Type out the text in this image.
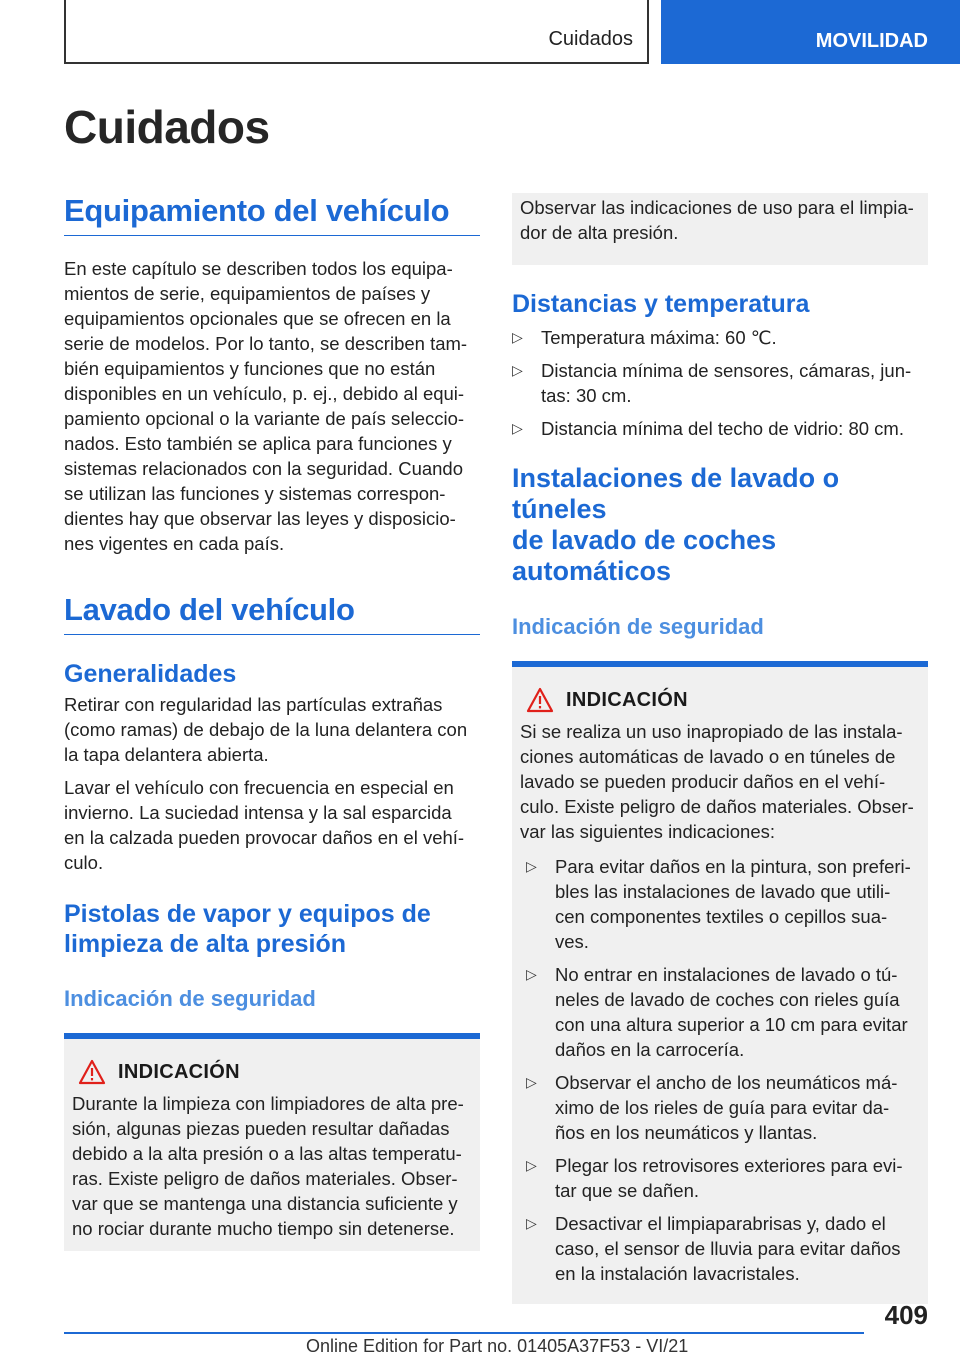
Cuidados	MOVILIDAD
Cuidados
Equipamiento del vehículo
En este capítulo se describen todos los equipa-
mientos de serie, equipamientos de países y
equipamientos opcionales que se ofrecen en la
serie de modelos. Por lo tanto, se describen tam-
bién equipamientos y funciones que no están
disponibles en un vehículo, p. ej., debido al equi-
pamiento opcional o la variante de país seleccio-
nados. Esto también se aplica para funciones y
sistemas relacionados con la seguridad. Cuando
se utilizan las funciones y sistemas correspon-
dientes hay que observar las leyes y disposicio-
nes vigentes en cada país.
Lavado del vehículo
Generalidades
Retirar con regularidad las partículas extrañas
(como ramas) de debajo de la luna delantera con
la tapa delantera abierta.
Lavar el vehículo con frecuencia en especial en
invierno. La suciedad intensa y la sal esparcida
en la calzada pueden provocar daños en el vehí-
culo.
Pistolas de vapor y equipos de
limpieza de alta presión
Indicación de seguridad
INDICACIÓN
Durante la limpieza con limpiadores de alta pre-
sión, algunas piezas pueden resultar dañadas
debido a la alta presión o a las altas temperatu-
ras. Existe peligro de daños materiales. Obser-
var que se mantenga una distancia suficiente y
no rociar durante mucho tiempo sin detenerse.
Observar las indicaciones de uso para el limpia-
dor de alta presión.
Distancias y temperatura
▷ Temperatura máxima: 60 ℃.
▷ Distancia mínima de sensores, cámaras, jun-
tas: 30 cm.
▷ Distancia mínima del techo de vidrio: 80 cm.
Instalaciones de lavado o túneles
de lavado de coches automáticos
Indicación de seguridad
INDICACIÓN
Si se realiza un uso inapropiado de las instala-
ciones automáticas de lavado o en túneles de
lavado se pueden producir daños en el vehí-
culo. Existe peligro de daños materiales. Obser-
var las siguientes indicaciones:
▷ Para evitar daños en la pintura, son preferi-
bles las instalaciones de lavado que utili-
cen componentes textiles o cepillos sua-
ves.
▷ No entrar en instalaciones de lavado o tú-
neles de lavado de coches con rieles guía
con una altura superior a 10 cm para evitar
daños en la carrocería.
▷ Observar el ancho de los neumáticos má-
ximo de los rieles de guía para evitar da-
ños en los neumáticos y llantas.
▷ Plegar los retrovisores exteriores para evi-
tar que se dañen.
▷ Desactivar el limpiaparabrisas y, dado el
caso, el sensor de lluvia para evitar daños
en la instalación lavacristales.
409
Online Edition for Part no. 01405A37F53 - VI/21
